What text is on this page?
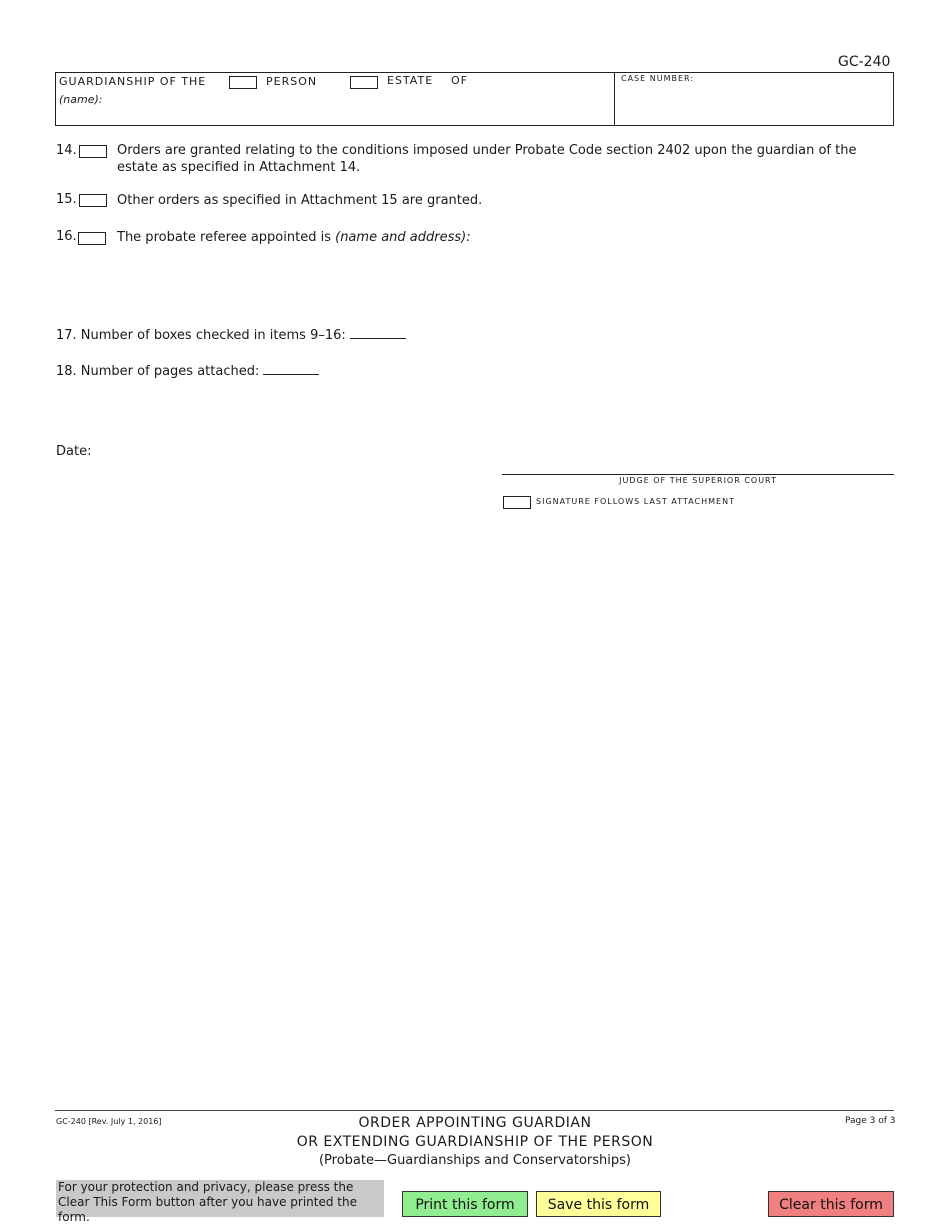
GC-240
GUARDIANSHIP OF THE	PERSON	ESTATE OF
(name):
CASE NUMBER:
14.	Orders are granted relating to the conditions imposed under Probate Code section 2402 upon the guardian of the estate as specified in Attachment 14.
15.	Other orders as specified in Attachment 15 are granted.
16.	The probate referee appointed is (name and address):
17. Number of boxes checked in items 9–16:
18. Number of pages attached:
Date:
JUDGE OF THE SUPERIOR COURT
SIGNATURE FOLLOWS LAST ATTACHMENT
GC-240 [Rev. July 1, 2016]	ORDER APPOINTING GUARDIAN
OR EXTENDING GUARDIANSHIP OF THE PERSON
(Probate—Guardianships and Conservatorships)
Page 3 of 3
For your protection and privacy, please press the Clear This Form button after you have printed the form.
Print this form	Save this form	Clear this form
